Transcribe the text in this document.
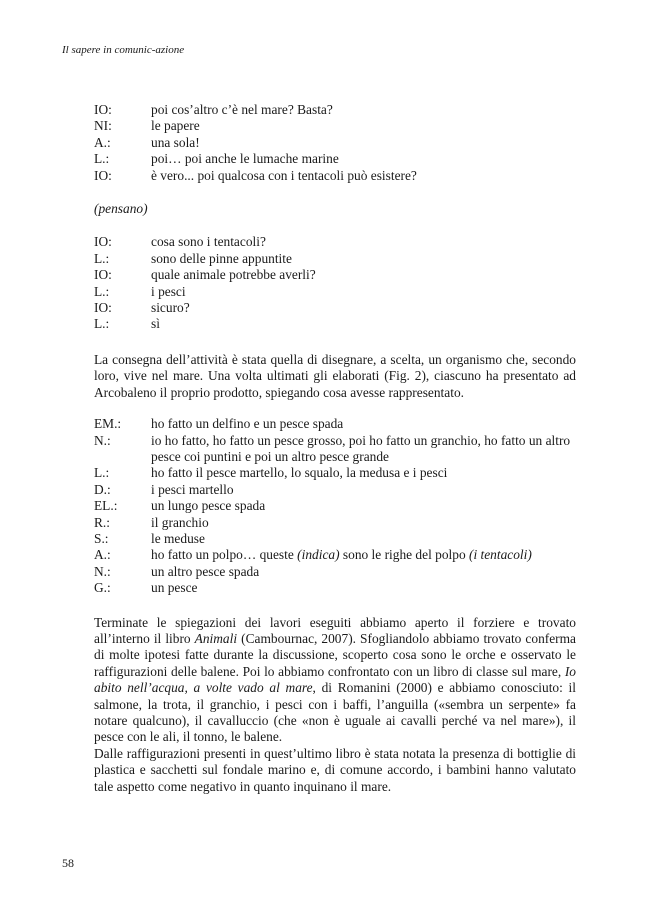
Il sapere in comunic-azione
IO:	poi cos’altro c’è nel mare? Basta?
NI:	le papere
A.:	una sola!
L.:	poi… poi anche le lumache marine
IO:	è vero... poi qualcosa con i tentacoli può esistere?
(pensano)
IO:	cosa sono i tentacoli?
L.:	sono delle pinne appuntite
IO:	quale animale potrebbe averli?
L.:	i pesci
IO:	sicuro?
L.:	sì

La consegna dell’attività è stata quella di disegnare, a scelta, un organismo che, secondo loro, vive nel mare. Una volta ultimati gli elaborati (Fig. 2), ciascuno ha presentato ad Arcobaleno il proprio prodotto, spiegando cosa avesse rappresentato.

EM.:	ho fatto un delfino e un pesce spada
N.:	io ho fatto, ho fatto un pesce grosso, poi ho fatto un granchio, ho fatto un altro pesce coi puntini e poi un altro pesce grande
L.:	ho fatto il pesce martello, lo squalo, la medusa e i pesci
D.:	i pesci martello
EL.:	un lungo pesce spada
R.:	il granchio
S.:	le meduse
A.:	ho fatto un polpo… queste (indica) sono le righe del polpo (i tentacoli)
N.:	un altro pesce spada
G.:	un pesce

Terminate le spiegazioni dei lavori eseguiti abbiamo aperto il forziere e trovato all’interno il libro Animali (Cambournac, 2007). Sfogliandolo abbiamo trovato conferma di molte ipotesi fatte durante la discussione, scoperto cosa sono le orche e osservato le raffigurazioni delle balene. Poi lo abbiamo confrontato con un libro di classe sul mare, Io abito nell’acqua, a volte vado al mare, di Romanini (2000) e abbiamo conosciuto: il salmone, la trota, il granchio, i pesci con i baffi, l’anguilla («sembra un serpente» fa notare qualcuno), il cavalluccio (che «non è uguale ai cavalli perché va nel mare»), il pesce con le ali, il tonno, le balene.

Dalle raffigurazioni presenti in quest’ultimo libro è stata notata la presenza di bottiglie di plastica e sacchetti sul fondale marino e, di comune accordo, i bambini hanno valutato tale aspetto come negativo in quanto inquinano il mare.

58
